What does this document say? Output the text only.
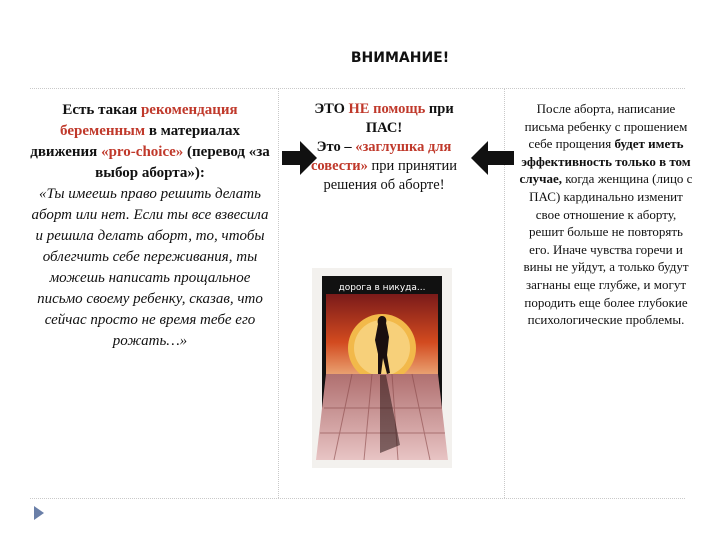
ВНИМАНИЕ!
Есть такая рекомендация беременным в материалах движения «pro-choice» (перевод «за выбор аборта»):
«Ты имеешь право решить делать аборт или нет. Если ты все взвесила и решила делать аборт, то, чтобы облегчить себе переживания, ты можешь написать прощальное письмо своему ребенку, сказав, что сейчас просто не время тебе его рожать…»
ЭТО НЕ помощь при ПАС!
Это – «заглушка для совести» при принятии решения об аборте!
После аборта, написание письма ребенку с прошением себе прощения будет иметь эффективность только в том случае, когда женщина (лицо с ПАС) кардинально изменит свое отношение к аборту, решит больше не повторять его. Иначе чувства горечи и вины не уйдут, а только будут загнаны еще глубже, и могут породить еще более глубокие психологические проблемы.
дорога в никуда...
